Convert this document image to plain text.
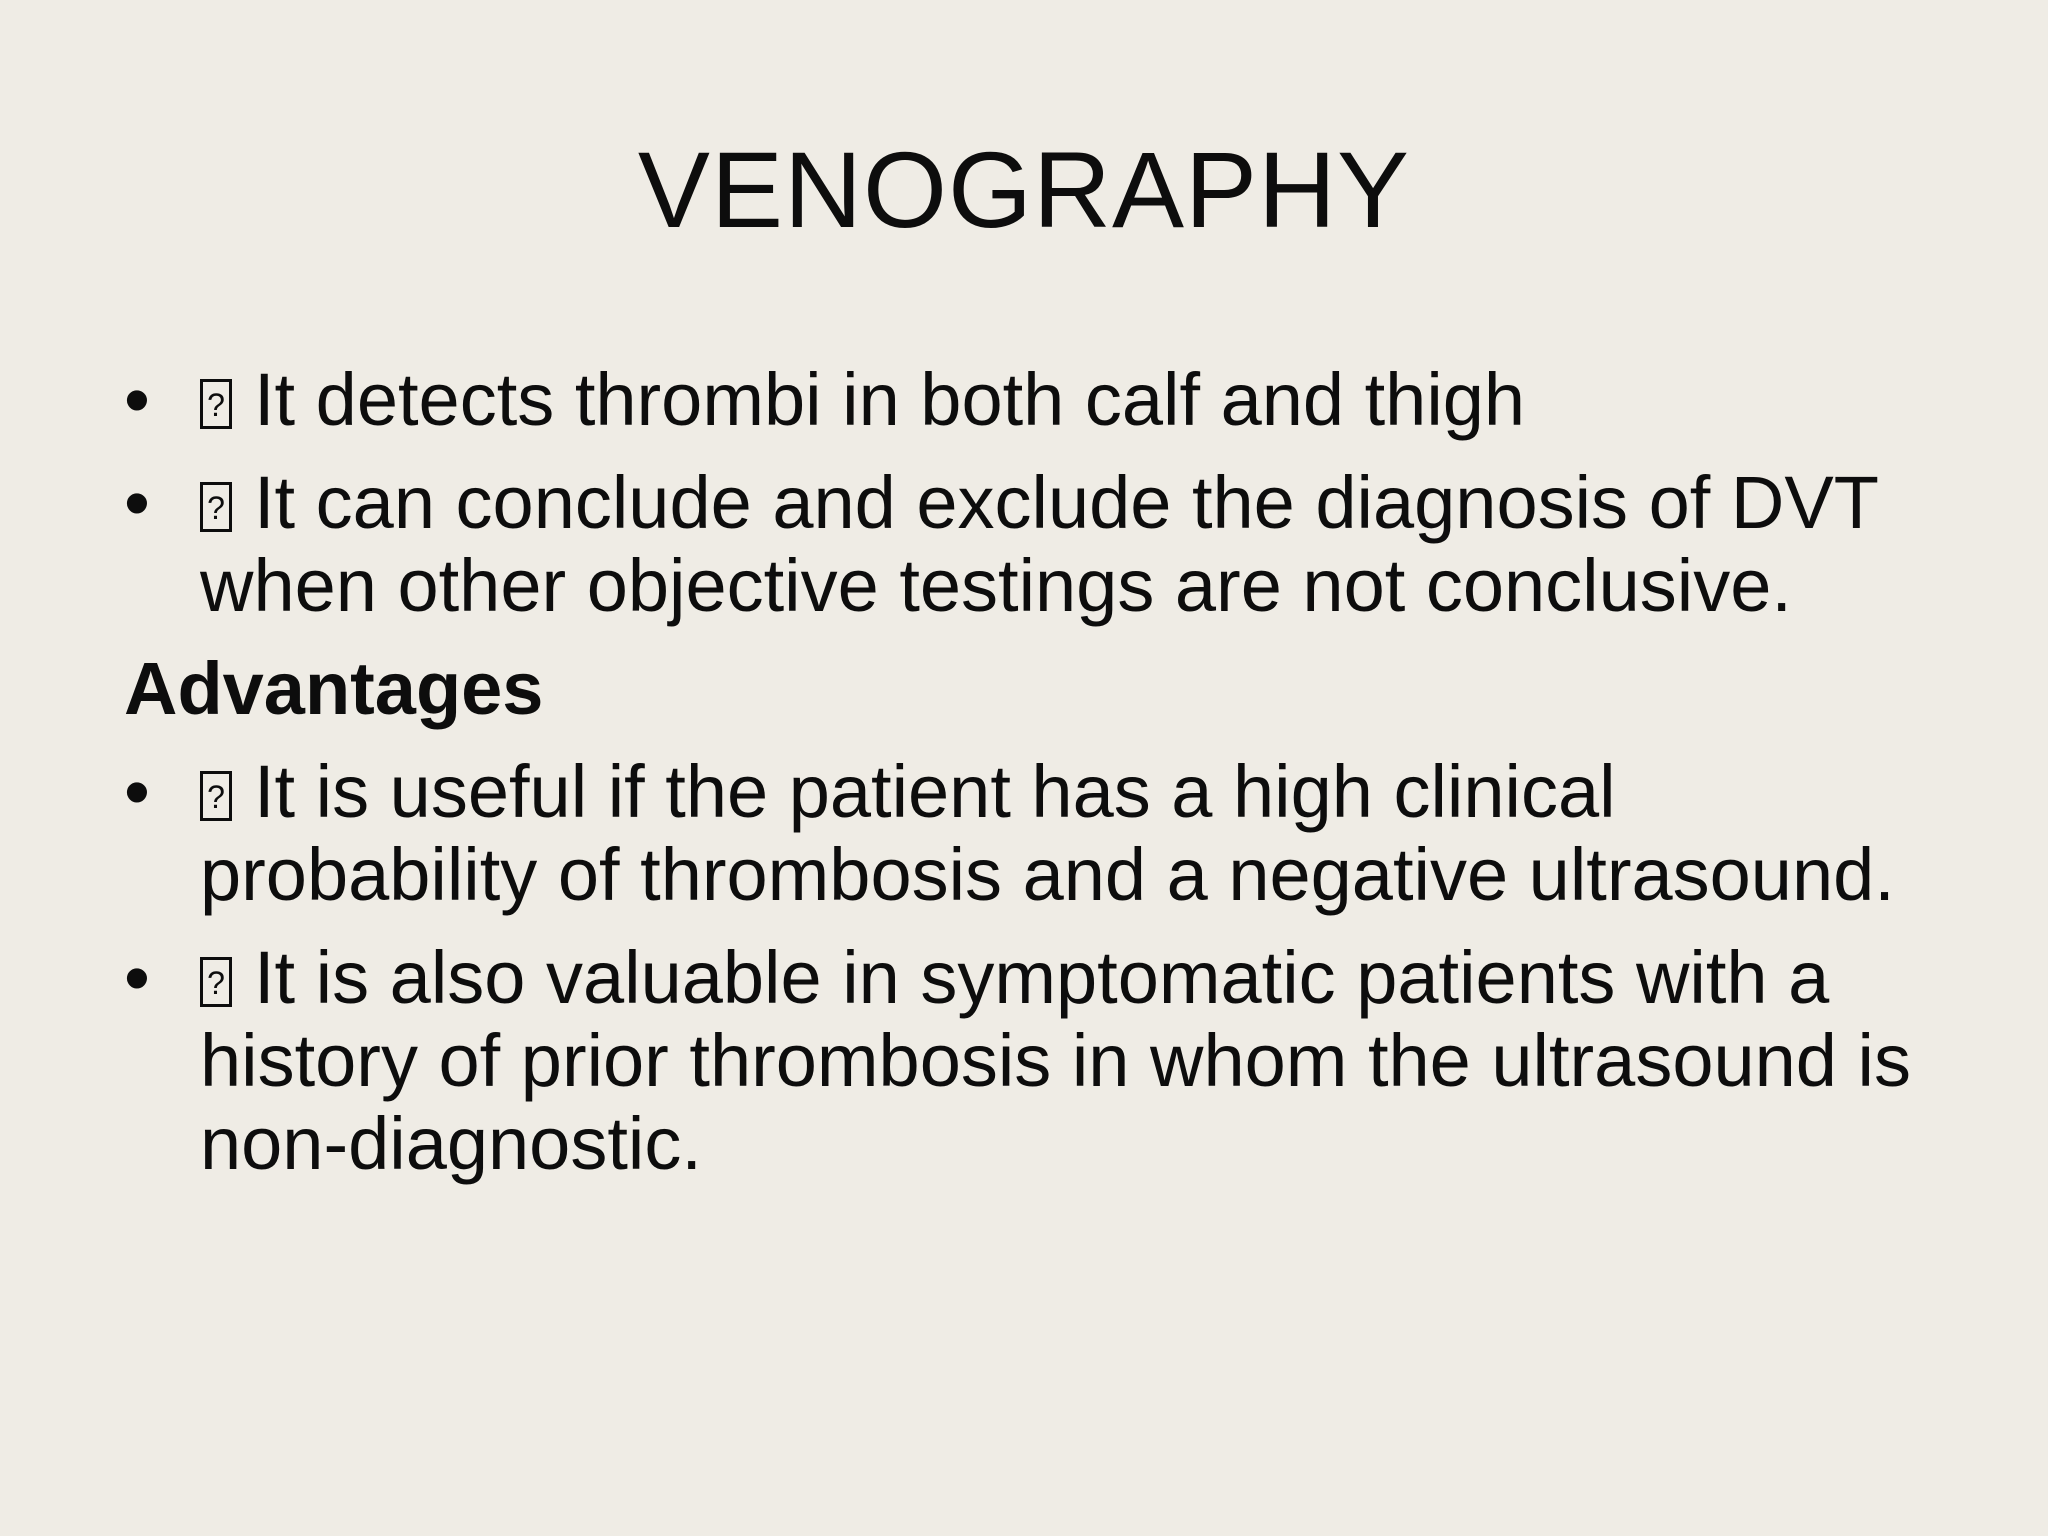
VENOGRAPHY
• ? It detects thrombi in both calf and thigh
• ? It can conclude and exclude the diagnosis of DVT when other objective testings are not conclusive.
Advantages
• ? It is useful if the patient has a high clinical probability of thrombosis and a negative ultrasound.
• ? It is also valuable in symptomatic patients with a history of prior thrombosis in whom the ultrasound is non-diagnostic.
